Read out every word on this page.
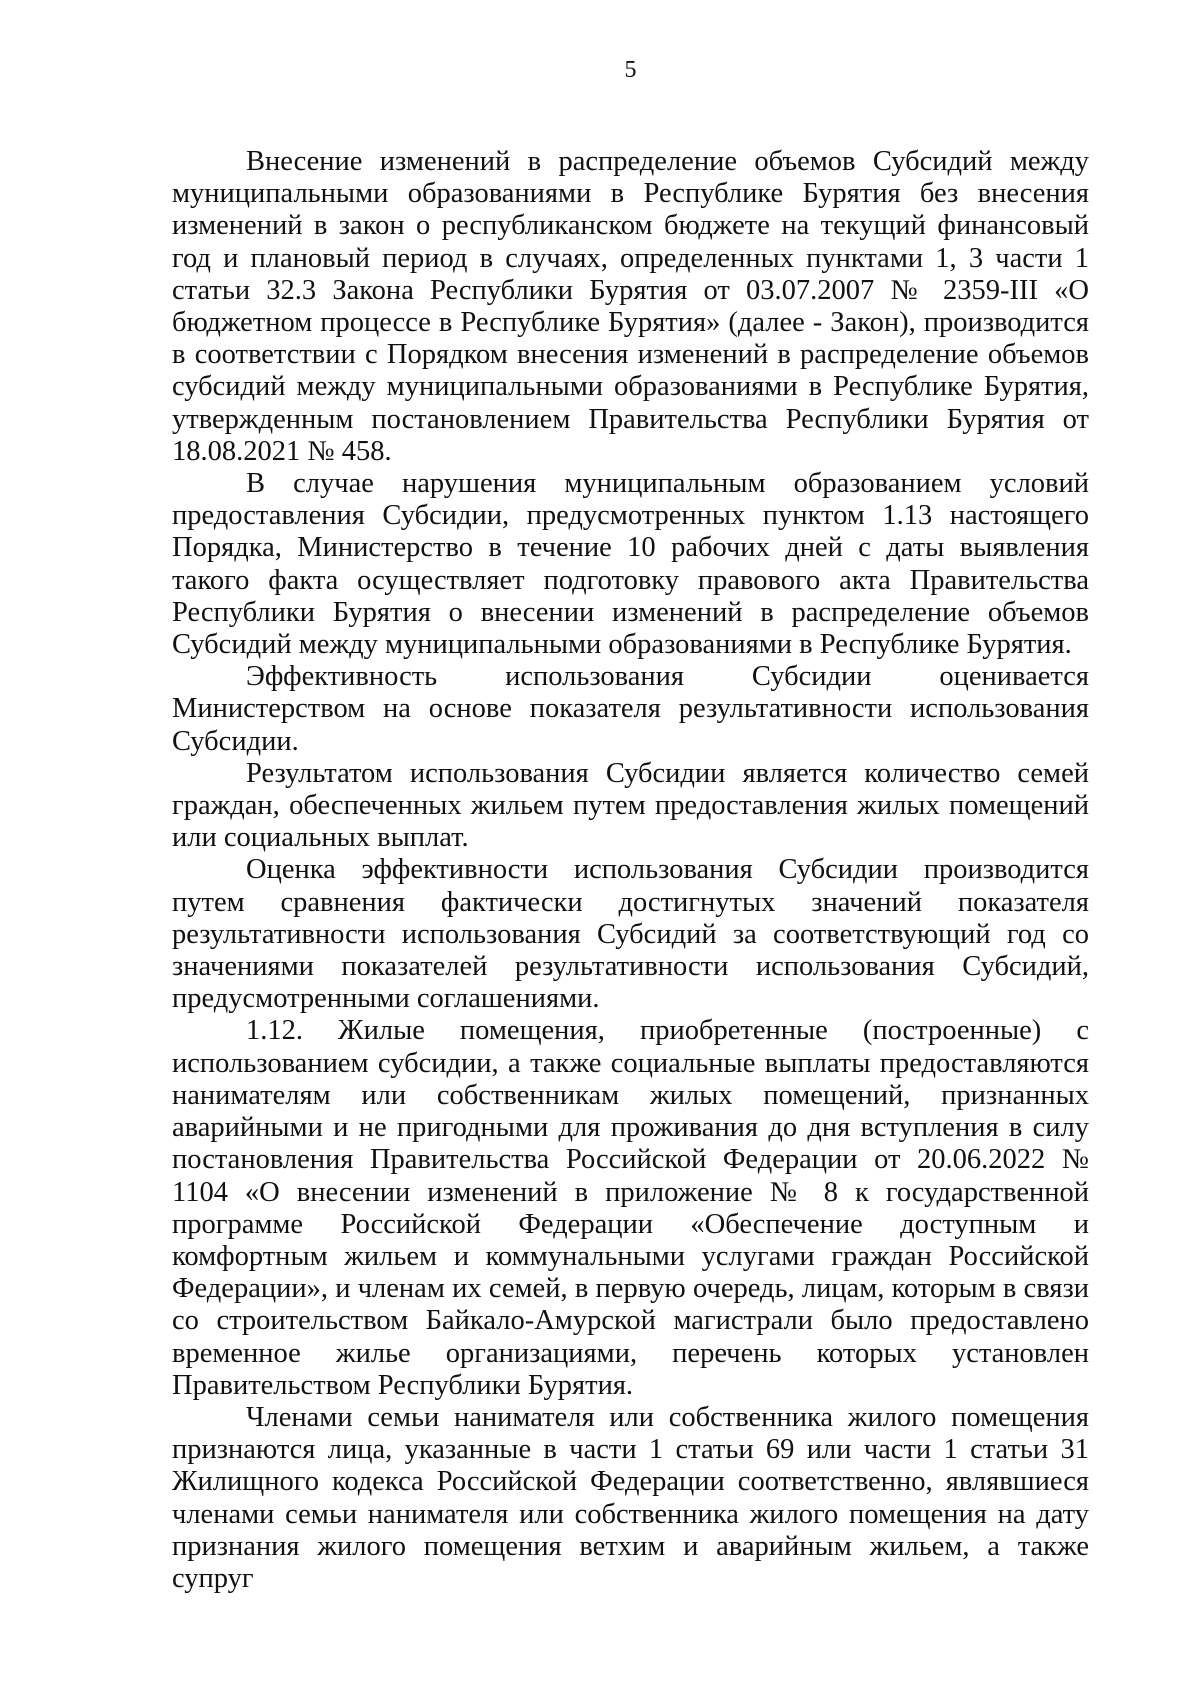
5

Внесение изменений в распределение объемов Субсидий между муниципальными образованиями в Республике Бурятия без внесения изменений в закон о республиканском бюджете на текущий финансовый год и плановый период в случаях, определенных пунктами 1, 3 части 1 статьи 32.3 Закона Республики Бурятия от 03.07.2007 № 2359-III «О бюджетном процессе в Республике Бурятия» (далее - Закон), производится в соответствии с Порядком внесения изменений в распределение объемов субсидий между муниципальными образованиями в Республике Бурятия, утвержденным постановлением Правительства Республики Бурятия от 18.08.2021 № 458.

В случае нарушения муниципальным образованием условий предоставления Субсидии, предусмотренных пунктом 1.13 настоящего Порядка, Министерство в течение 10 рабочих дней с даты выявления такого факта осуществляет подготовку правового акта Правительства Республики Бурятия о внесении изменений в распределение объемов Субсидий между муниципальными образованиями в Республике Бурятия.

Эффективность использования Субсидии оценивается Министерством на основе показателя результативности использования Субсидии.

Результатом использования Субсидии является количество семей граждан, обеспеченных жильем путем предоставления жилых помещений или социальных выплат.

Оценка эффективности использования Субсидии производится путем сравнения фактически достигнутых значений показателя результативности использования Субсидий за соответствующий год со значениями показателей результативности использования Субсидий, предусмотренными соглашениями.

1.12. Жилые помещения, приобретенные (построенные) с использованием субсидии, а также социальные выплаты предоставляются нанимателям или собственникам жилых помещений, признанных аварийными и не пригодными для проживания до дня вступления в силу постановления Правительства Российской Федерации от 20.06.2022 № 1104 «О внесении изменений в приложение № 8 к государственной программе Российской Федерации «Обеспечение доступным и комфортным жильем и коммунальными услугами граждан Российской Федерации», и членам их семей, в первую очередь, лицам, которым в связи со строительством Байкало-Амурской магистрали было предоставлено временное жилье организациями, перечень которых установлен Правительством Республики Бурятия.

Членами семьи нанимателя или собственника жилого помещения признаются лица, указанные в части 1 статьи 69 или части 1 статьи 31 Жилищного кодекса Российской Федерации соответственно, являвшиеся членами семьи нанимателя или собственника жилого помещения на дату признания жилого помещения ветхим и аварийным жильем, а также супруг
